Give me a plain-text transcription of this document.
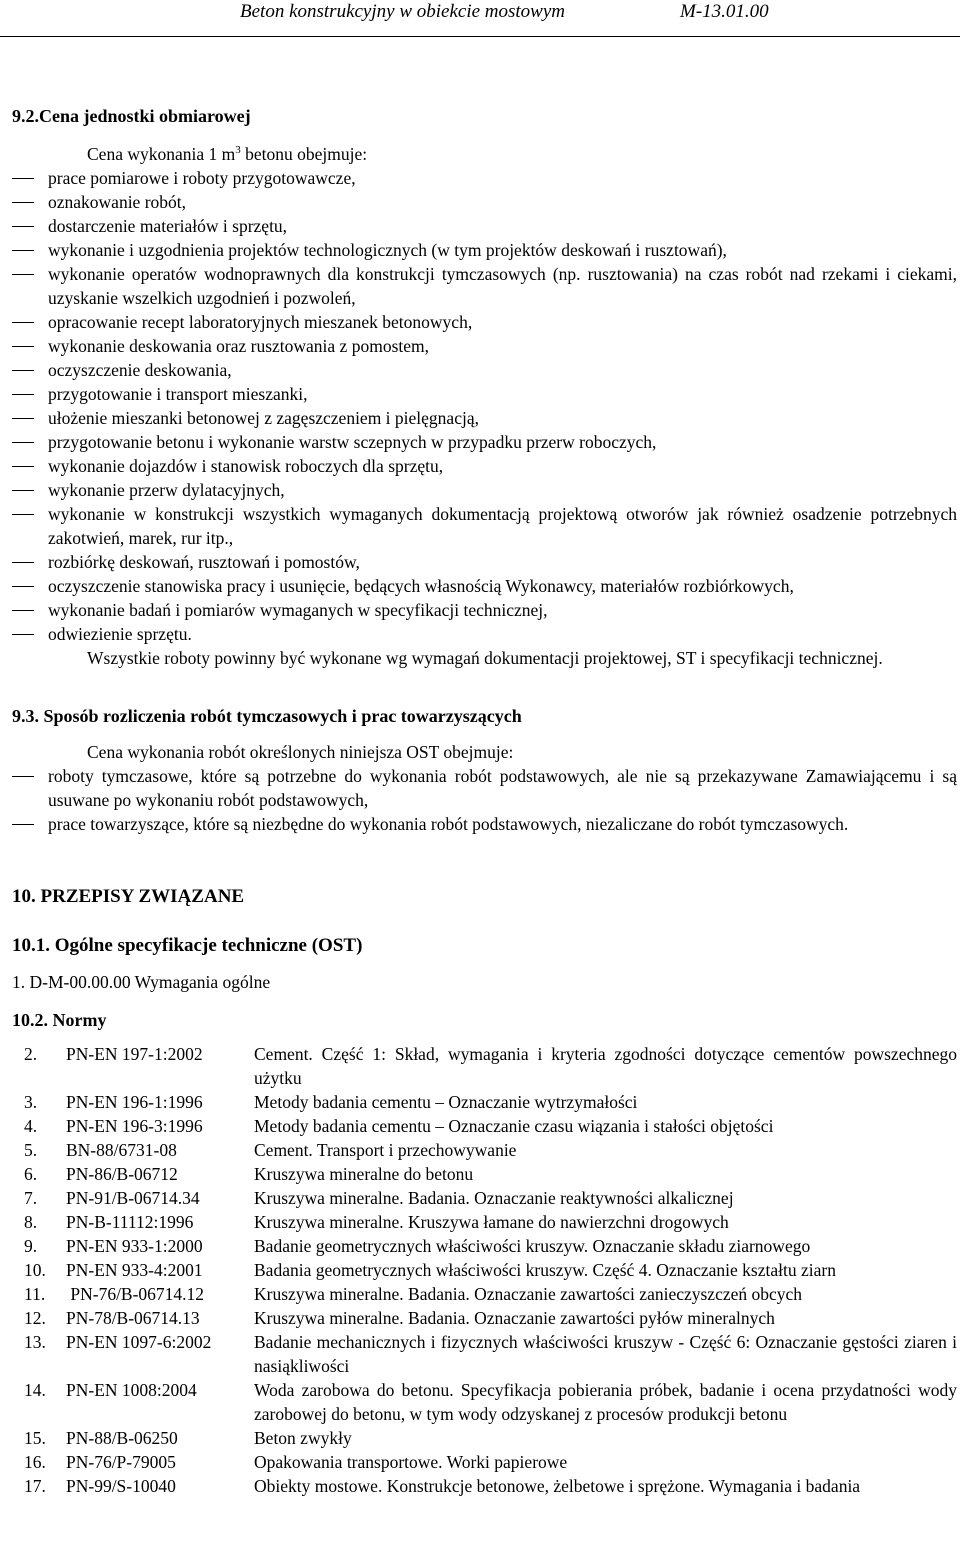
Beton konstrukcyjny w obiekcie mostowym	M-13.01.00
9.2.Cena jednostki obmiarowej

Cena wykonania 1 $m^3$ betonu obejmuje:

prace pomiarowe i roboty przygotowawcze,
oznakowanie robót,
dostarczenie materiałów i sprzętu,
wykonanie i uzgodnienia projektów technologicznych (w tym projektów deskowań i rusztowań),
wykonanie operatów wodnoprawnych dla konstrukcji tymczasowych (np. rusztowania) na czas robót nad rzekami i ciekami, uzyskanie wszelkich uzgodnień i pozwoleń,
opracowanie recept laboratoryjnych mieszanek betonowych,
wykonanie deskowania oraz rusztowania z pomostem,
oczyszczenie deskowania,
przygotowanie i transport mieszanki,
ułożenie mieszanki betonowej z zagęszczeniem i pielęgnacją,
przygotowanie betonu i wykonanie warstw sczepnych w przypadku przerw roboczych,
wykonanie dojazdów i stanowisk roboczych dla sprzętu,
wykonanie przerw dylatacyjnych,
wykonanie w konstrukcji wszystkich wymaganych dokumentacją projektową otworów jak również osadzenie potrzebnych zakotwień, marek, rur itp.,
rozbiórkę deskowań, rusztowań i pomostów,
oczyszczenie stanowiska pracy i usunięcie, będących własnością Wykonawcy, materiałów rozbiórkowych,
wykonanie badań i pomiarów wymaganych w specyfikacji technicznej,
odwiezienie sprzętu.

Wszystkie roboty powinny być wykonane wg wymagań dokumentacji projektowej, ST i specyfikacji technicznej.

9.3. Sposób rozliczenia robót tymczasowych i prac towarzyszących

Cena wykonania robót określonych niniejsza OST obejmuje:

roboty tymczasowe, które są potrzebne do wykonania robót podstawowych, ale nie są przekazywane Zamawiającemu i są usuwane po wykonaniu robót podstawowych,
prace towarzyszące, które są niezbędne do wykonania robót podstawowych, niezaliczane do robót tymczasowych.
10. PRZEPISY ZWIĄZANE
10.1. Ogólne specyfikacje techniczne (OST)
1. D-M-00.00.00 Wymagania ogólne
10.2. Normy
2.	PN-EN 197-1:2002	Cement. Część 1: Skład, wymagania i kryteria zgodności dotyczące cementów powszechnego użytku
3.	PN-EN 196-1:1996	Metody badania cementu – Oznaczanie wytrzymałości
4.	PN-EN 196-3:1996	Metody badania cementu – Oznaczanie czasu wiązania i stałości objętości
5.	BN-88/6731-08	Cement. Transport i przechowywanie
6.	PN-86/B-06712	Kruszywa mineralne do betonu
7.	PN-91/B-06714.34	Kruszywa mineralne. Badania. Oznaczanie reaktywności alkalicznej
8.	PN-B-11112:1996	Kruszywa mineralne. Kruszywa łamane do nawierzchni drogowych
9.	PN-EN 933-1:2000	Badanie geometrycznych właściwości kruszyw. Oznaczanie składu ziarnowego
10.	PN-EN 933-4:2001	Badania geometrycznych właściwości kruszyw. Część 4. Oznaczanie kształtu ziarn
11.	PN-76/B-06714.12	Kruszywa mineralne. Badania. Oznaczanie zawartości zanieczyszczeń obcych
12.	PN-78/B-06714.13	Kruszywa mineralne. Badania. Oznaczanie zawartości pyłów mineralnych
13.	PN-EN 1097-6:2002	Badanie mechanicznych i fizycznych właściwości kruszyw - Część 6: Oznaczanie gęstości ziaren i nasiąkliwości
14.	PN-EN 1008:2004	Woda zarobowa do betonu. Specyfikacja pobierania próbek, badanie i ocena przydatności wody zarobowej do betonu, w tym wody odzyskanej z procesów produkcji betonu
15.	PN-88/B-06250	Beton zwykły
16.	PN-76/P-79005	Opakowania transportowe. Worki papierowe
17.	PN-99/S-10040	Obiekty mostowe. Konstrukcje betonowe, żelbetowe i sprężone. Wymagania i badania
